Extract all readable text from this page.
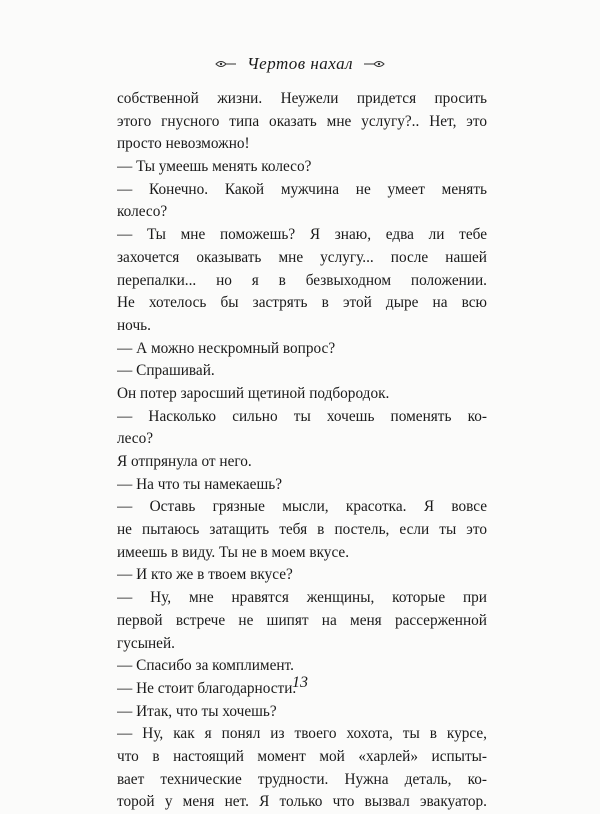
Чертов нахал
собственной жизни. Неужели придется просить
этого гнусного типа оказать мне услугу?.. Нет, это
просто невозможно!
— Ты умеешь менять колесо?
— Конечно. Какой мужчина не умеет менять
колесо?
— Ты мне поможешь? Я знаю, едва ли тебе
захочется оказывать мне услугу... после нашей
перепалки... но я в безвыходном положении.
Не хотелось бы застрять в этой дыре на всю
ночь.
— А можно нескромный вопрос?
— Спрашивай.
Он потер заросший щетиной подбородок.
— Насколько сильно ты хочешь поменять ко-
лесо?
Я отпрянула от него.
— На что ты намекаешь?
— Оставь грязные мысли, красотка. Я вовсе
не пытаюсь затащить тебя в постель, если ты это
имеешь в виду. Ты не в моем вкусе.
— И кто же в твоем вкусе?
— Ну, мне нравятся женщины, которые при
первой встрече не шипят на меня рассерженной
гусыней.
— Спасибо за комплимент.
— Не стоит благодарности.
— Итак, что ты хочешь?
— Ну, как я понял из твоего хохота, ты в курсе,
что в настоящий момент мой «харлей» испыты-
вает технические трудности. Нужна деталь, ко-
торой у меня нет. Я только что вызвал эвакуатор.
13
